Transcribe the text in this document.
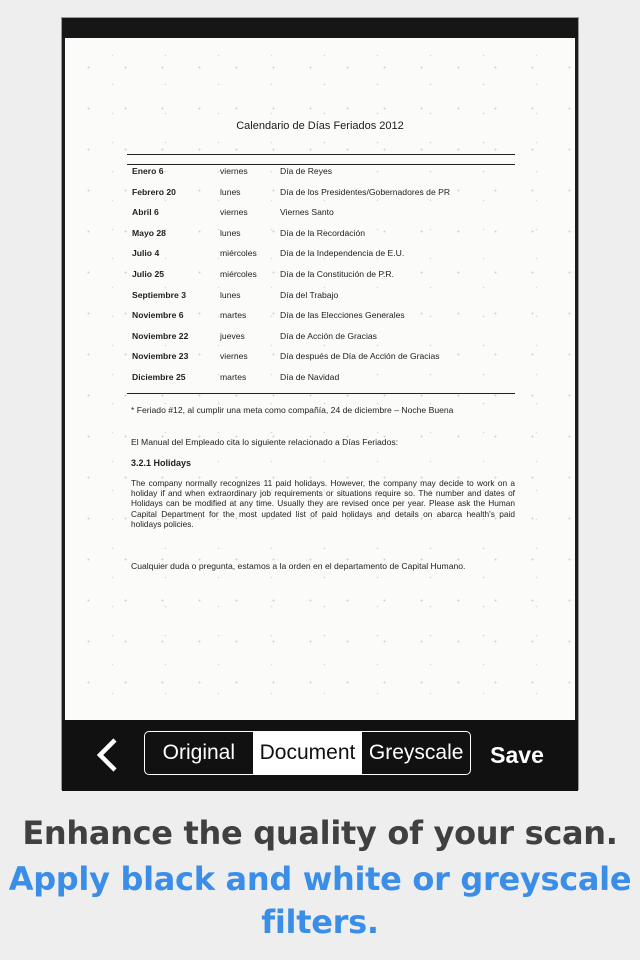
Calendario de Días Feriados 2012
Enero 6	viernes	Día de Reyes
Febrero 20	lunes	Día de los Presidentes/Gobernadores de PR
Abril 6	viernes	Viernes Santo
Mayo 28	lunes	Día de la Recordación
Julio 4	miércoles	Día de la Independencia de E.U.
Julio 25	miércoles	Día de la Constitución de P.R.
Septiembre 3	lunes	Día del Trabajo
Noviembre 6	martes	Día de las Elecciones Generales
Noviembre 22	jueves	Día de Acción de Gracias
Noviembre 23	viernes	Día después de Día de Acción de Gracias
Diciembre 25	martes	Día de Navidad
* Feriado #12, al cumplir una meta como compañía, 24 de diciembre – Noche Buena
El Manual del Empleado cita lo siguiente relacionado a Días Feriados:
3.2.1 Holidays
The company normally recognizes 11 paid holidays. However, the company may decide to work on a holiday if and when extraordinary job requirements or situations require so. The number and dates of Holidays can be modified at any time. Usually they are revised once per year. Please ask the Human Capital Department for the most updated list of paid holidays and details on abarca health's paid holidays policies.
Cualquier duda o pregunta, estamos a la orden en el departamento de Capital Humano.
Original	Document Greyscale	Save
Enhance the quality of your scan.
Apply black and white or greyscale filters.
